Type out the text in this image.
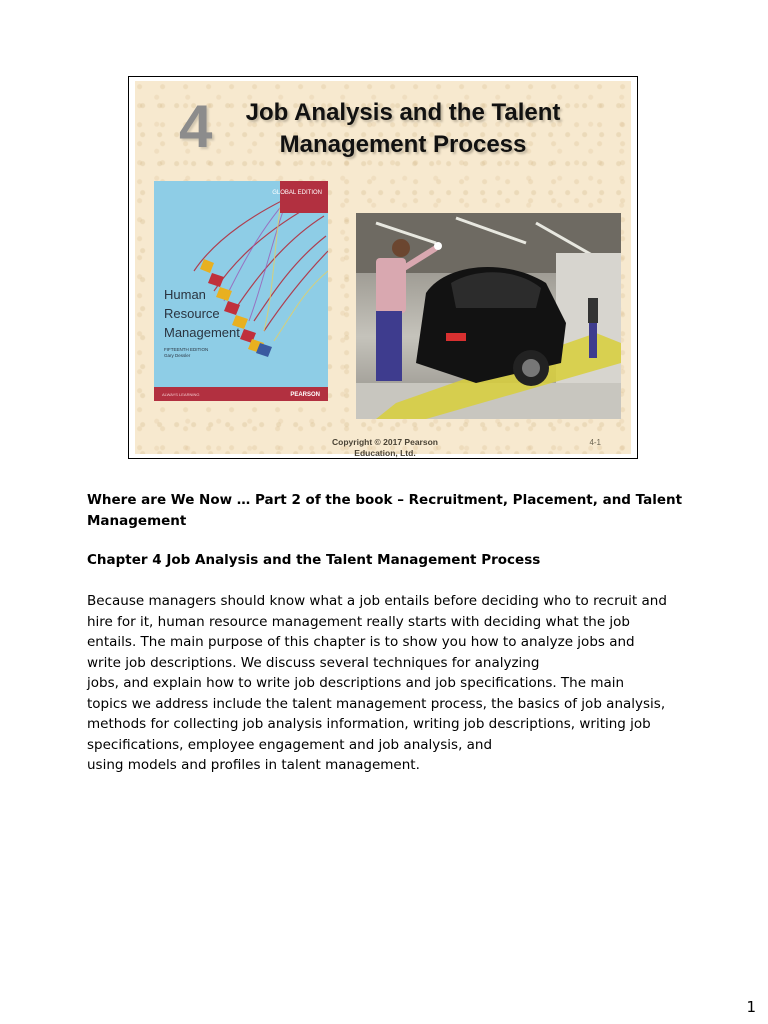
4	Job Analysis and the Talent Management Process
GLOBAL EDITION
Human
Resource
Management
FIFTEENTH EDITION
Gary Dessler
ALWAYS LEARNING	PEARSON
Copyright © 2017 Pearson
Education, Ltd.
4-1

Where are We Now … Part 2 of the book – Recruitment, Placement, and Talent Management

Chapter 4 Job Analysis and the Talent Management Process

Because managers should know what a job entails before deciding who to recruit and
hire for it, human resource management really starts with deciding what the job
entails. The main purpose of this chapter is to show you how to analyze jobs and
write job descriptions. We discuss several techniques for analyzing
jobs, and explain how to write job descriptions and job specifications. The main
topics we address include the talent management process, the basics of job analysis,
methods for collecting job analysis information, writing job descriptions, writing job
specifications, employee engagement and job analysis, and
using models and profiles in talent management.

1
